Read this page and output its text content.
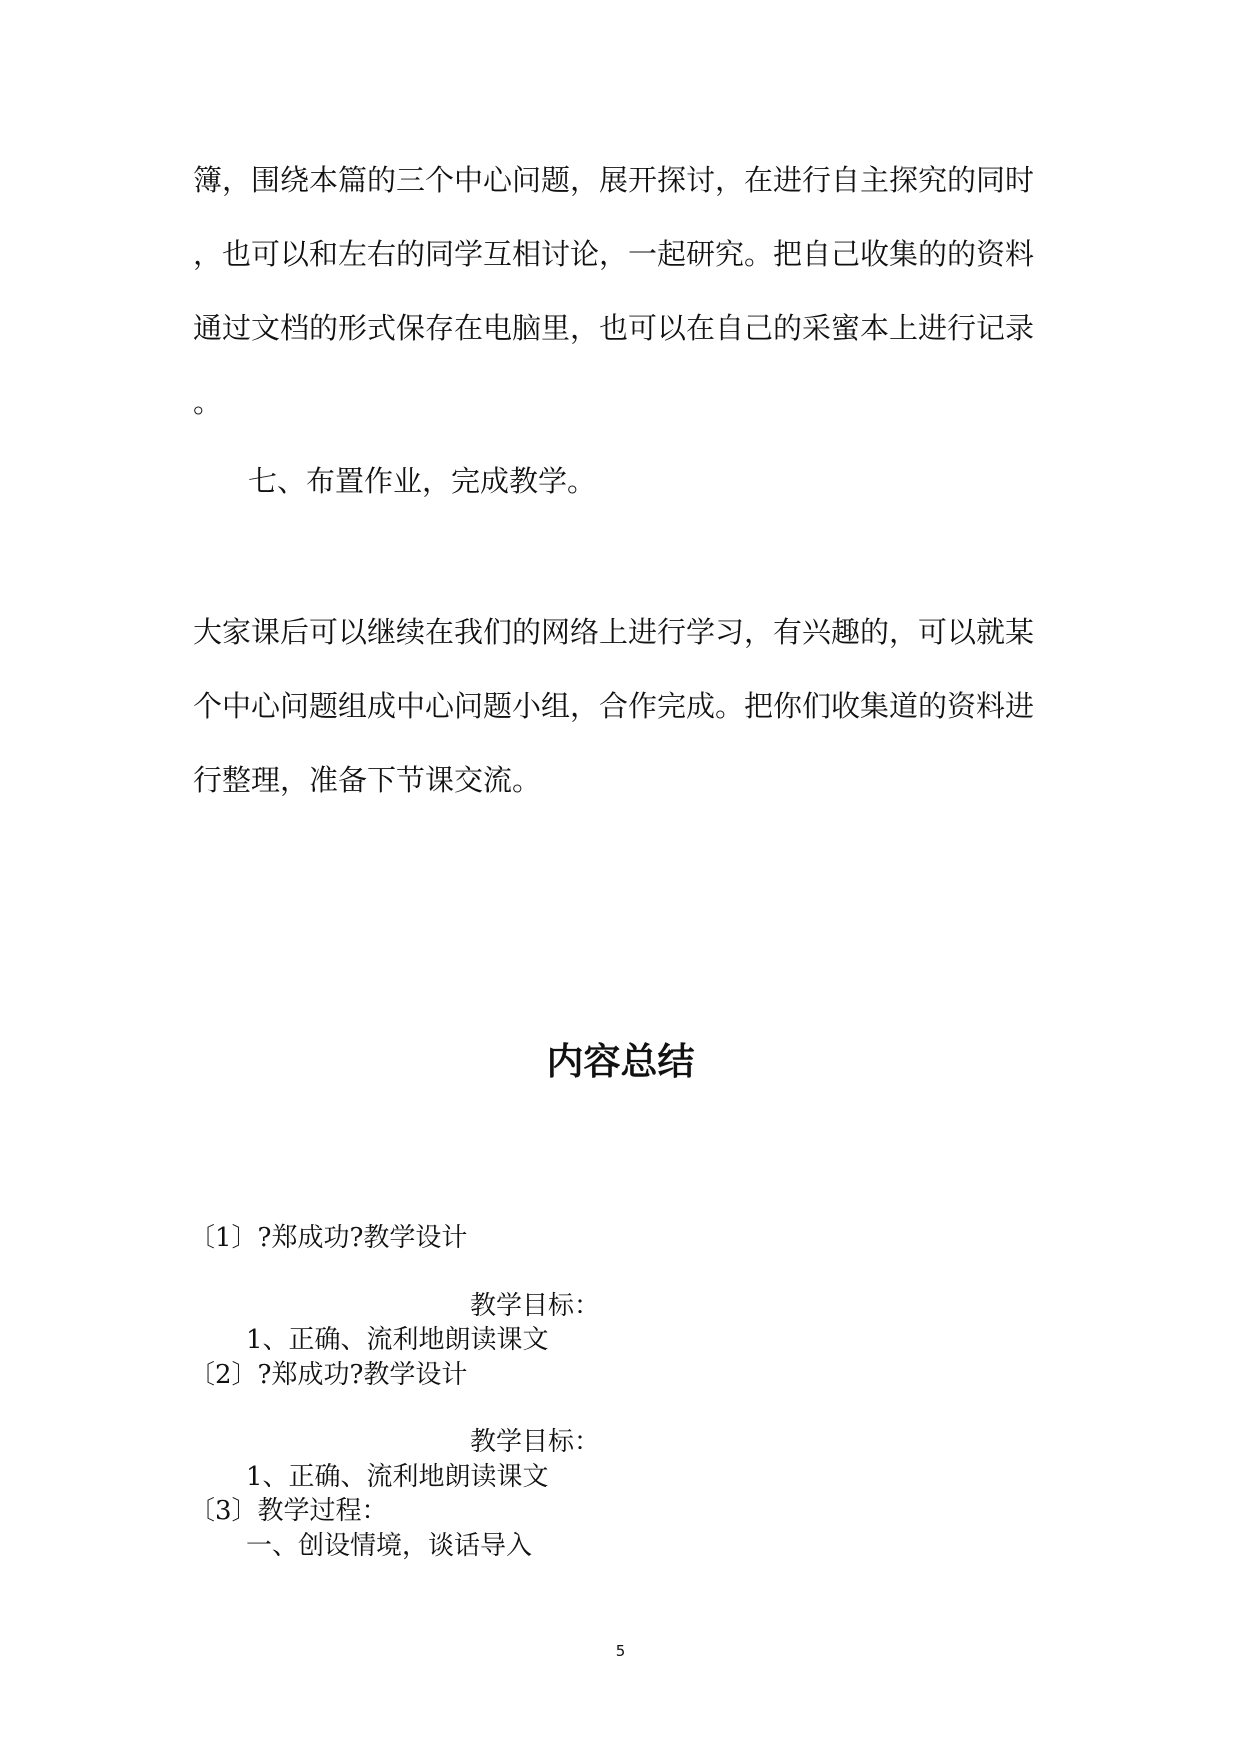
簿，围绕本篇的三个中心问题，展开探讨，在进行自主探究的同时
，也可以和左右的同学互相讨论，一起研究。把自己收集的的资料
通过文档的形式保存在电脑里，也可以在自己的采蜜本上进行记录
。
七、布置作业，完成教学。
大家课后可以继续在我们的网络上进行学习，有兴趣的，可以就某
个中心问题组成中心问题小组，合作完成。把你们收集道的资料进
行整理，准备下节课交流。
内容总结
〔1〕?郑成功?教学设计
教学目标：
1、正确、流利地朗读课文
〔2〕?郑成功?教学设计
教学目标：
1、正确、流利地朗读课文
〔3〕教学过程：
一、创设情境，谈话导入
5
